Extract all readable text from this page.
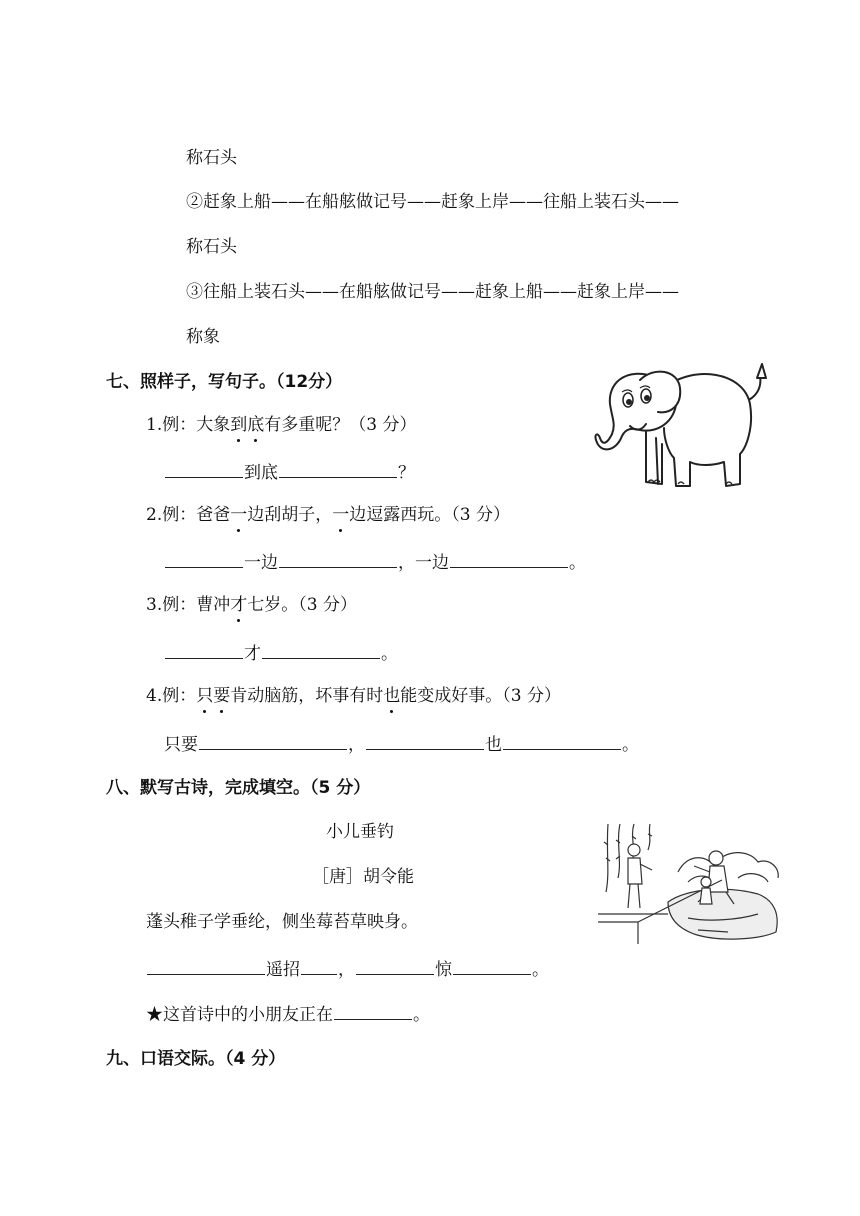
称石头
②赶象上船——在船舷做记号——赶象上岸——往船上装石头——
称石头
③往船上装石头——在船舷做记号——赶象上船——赶象上岸——
称象
七、照样子，写句子。（12分）
1.例：大象到底有多重呢？（3 分）
到底	？
2.例：爸爸一边刮胡子，一边逗露西玩。（3 分）
一边	，一边	。
3.例：曹冲才七岁。（3 分）
才	。
4.例：只要肯动脑筋，坏事有时也能变成好事。（3 分）
只要	，	也	。
八、默写古诗，完成填空。（5 分）
小儿垂钓
［唐］胡令能
蓬头稚子学垂纶，侧坐莓苔草映身。
遥招 ，	惊	。
★这首诗中的小朋友正在	。
九、口语交际。（4 分）
